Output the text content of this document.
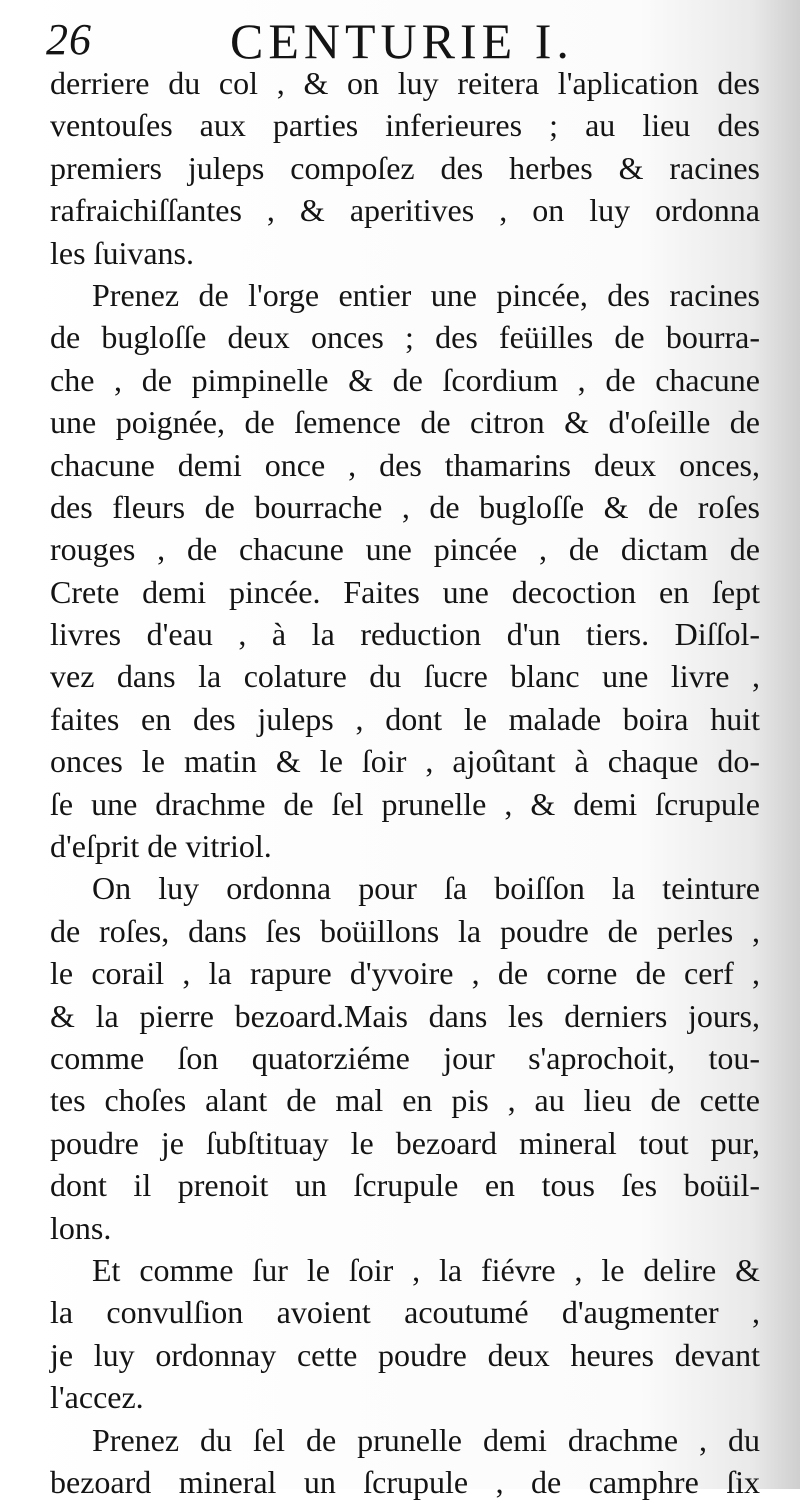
26	CENTURIE I.
derriere du col , & on luy reitera l'aplication des
ventouſes aux parties inferieures ; au lieu des
premiers juleps compoſez des herbes & racines
rafraichiſſantes , & aperitives , on luy ordonna
les ſuivans.
Prenez de l'orge entier une pincée, des racines
de bugloſſe deux onces ; des feüilles de bourra-
che , de pimpinelle & de ſcordium , de chacune
une poignée, de ſemence de citron & d'oſeille de
chacune demi once , des thamarins deux onces,
des fleurs de bourrache , de bugloſſe & de roſes
rouges , de chacune une pincée , de dictam de
Crete demi pincée. Faites une decoction en ſept
livres d'eau , à la reduction d'un tiers. Diſſol-
vez dans la colature du ſucre blanc une livre ,
faites en des juleps , dont le malade boira huit
onces le matin & le ſoir , ajoûtant à chaque do-
ſe une drachme de ſel prunelle , & demi ſcrupule
d'eſprit de vitriol.
On luy ordonna pour ſa boiſſon la teinture
de roſes, dans ſes boüillons la poudre de perles ,
le corail , la rapure d'yvoire , de corne de cerf ,
& la pierre bezoard.Mais dans les derniers jours,
comme ſon quatorziéme jour s'aprochoit, tou-
tes choſes alant de mal en pis , au lieu de cette
poudre je ſubſtituay le bezoard mineral tout pur,
dont il prenoit un ſcrupule en tous ſes boüil-
lons.
Et comme ſur le ſoir , la fiévre , le delire &
la convulſion avoient acoutumé d'augmenter ,
je luy ordonnay cette poudre deux heures devant
l'accez.
Prenez du ſel de prunelle demi drachme , du
bezoard mineral un ſcrupule , de camphre ſix
